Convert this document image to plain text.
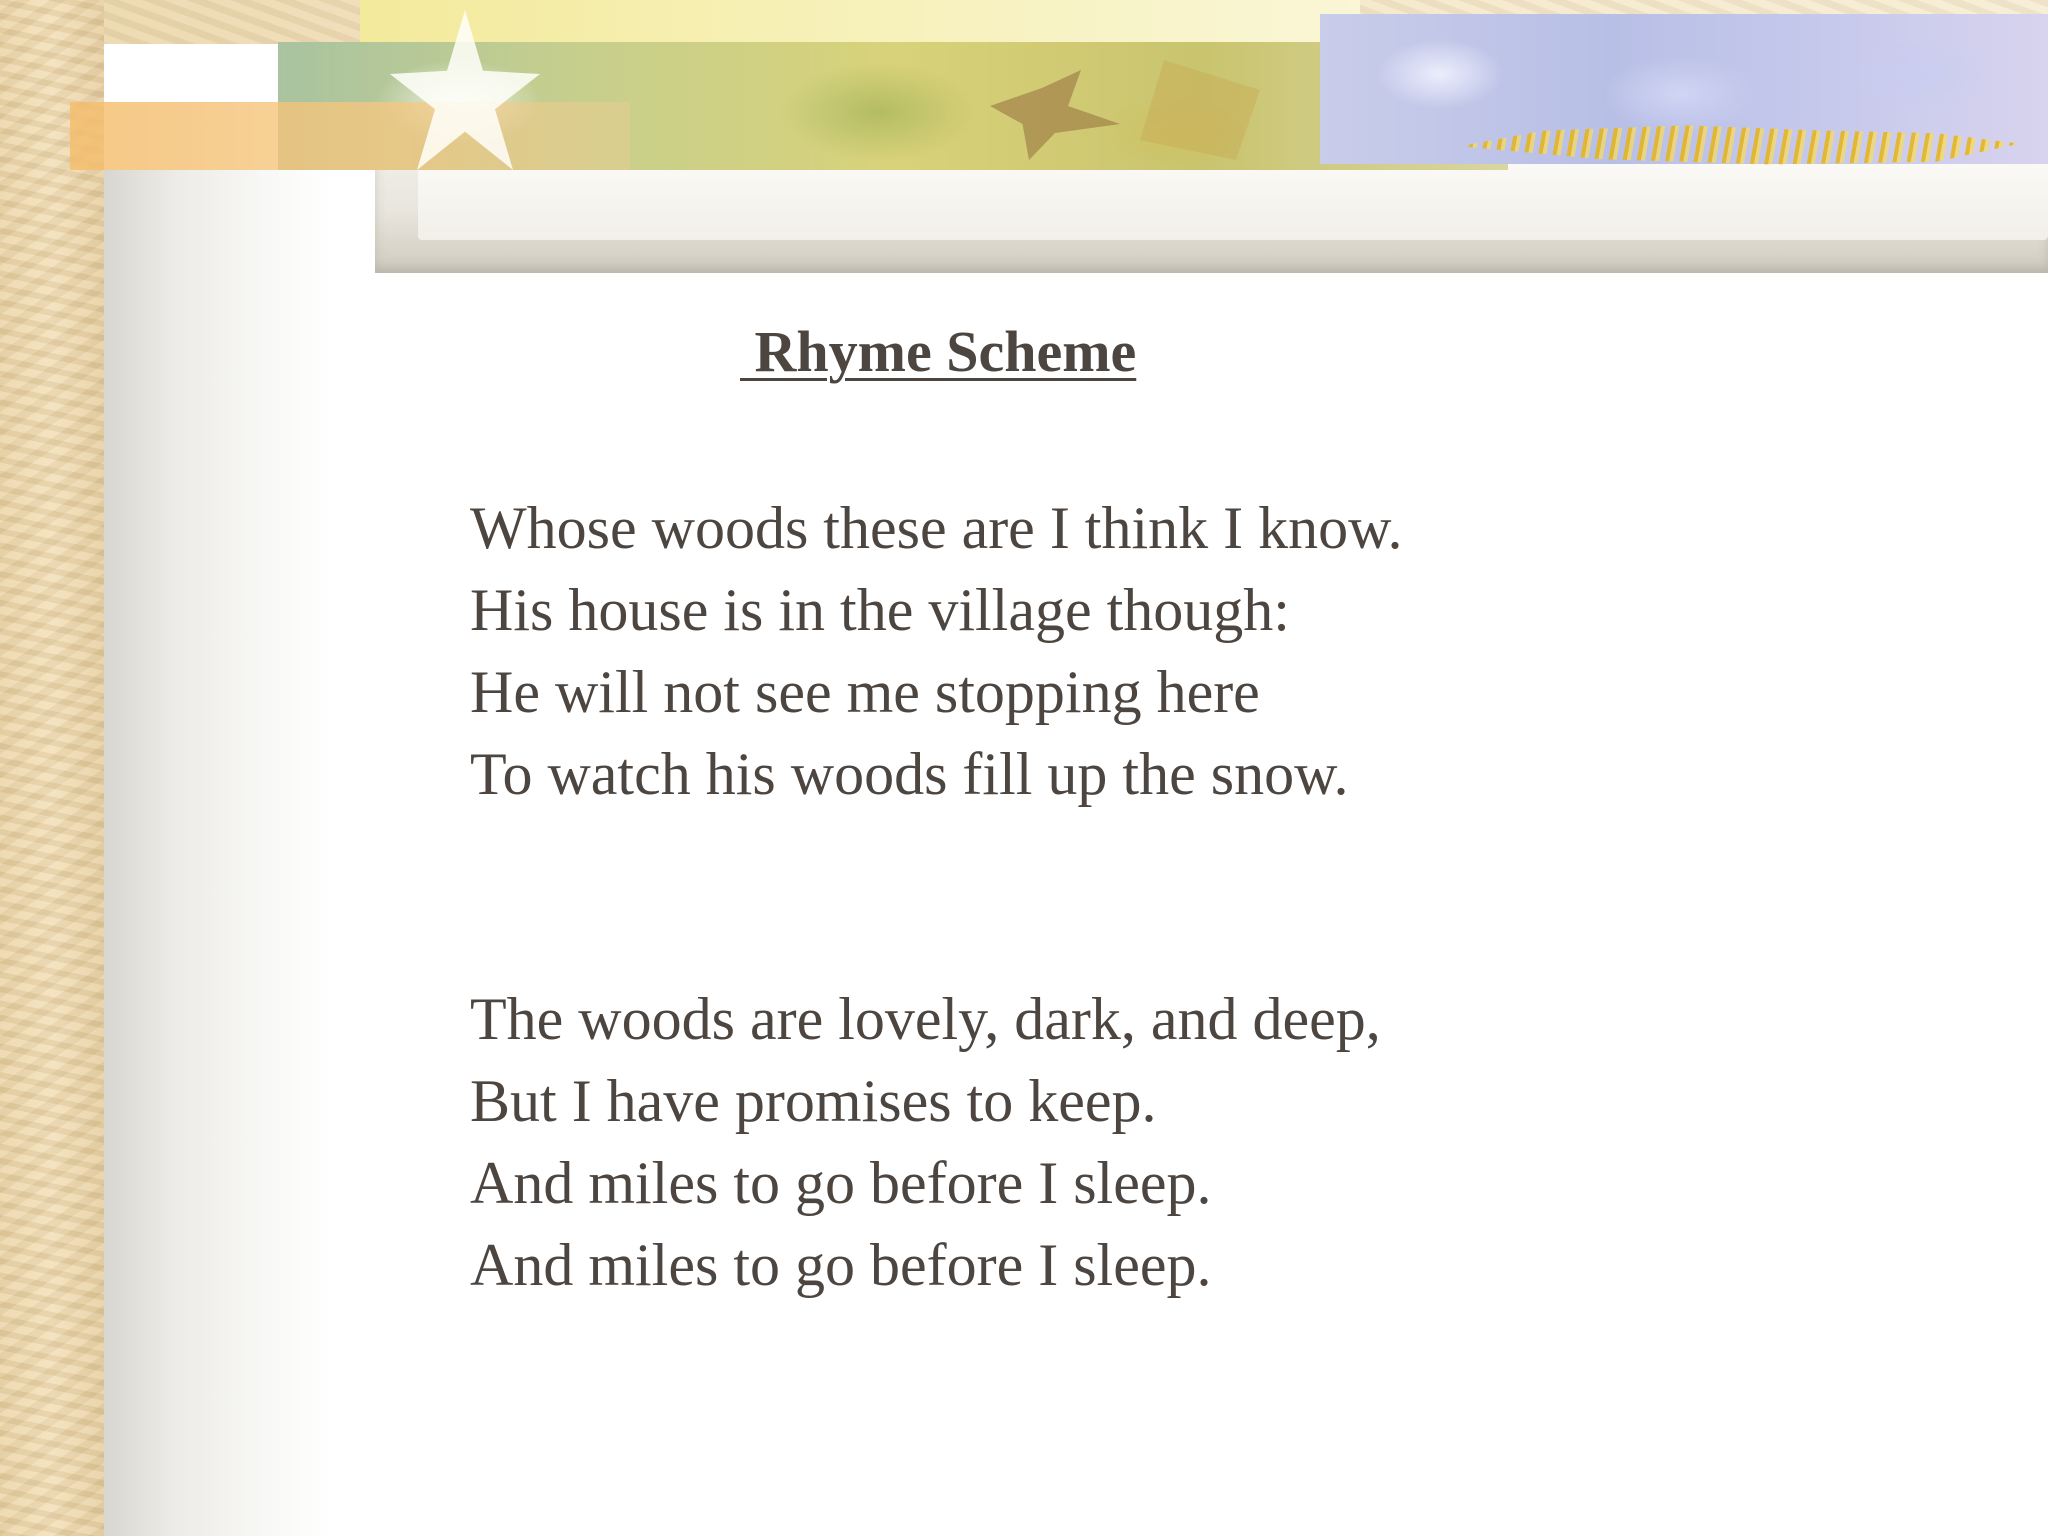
Rhyme Scheme
Whose woods these are I think I know.
His house is in the village though:
He will not see me stopping here
To watch his woods fill up the snow.
The woods are lovely, dark, and deep,
But I have promises to keep.
And miles to go before I sleep.
And miles to go before I sleep.
